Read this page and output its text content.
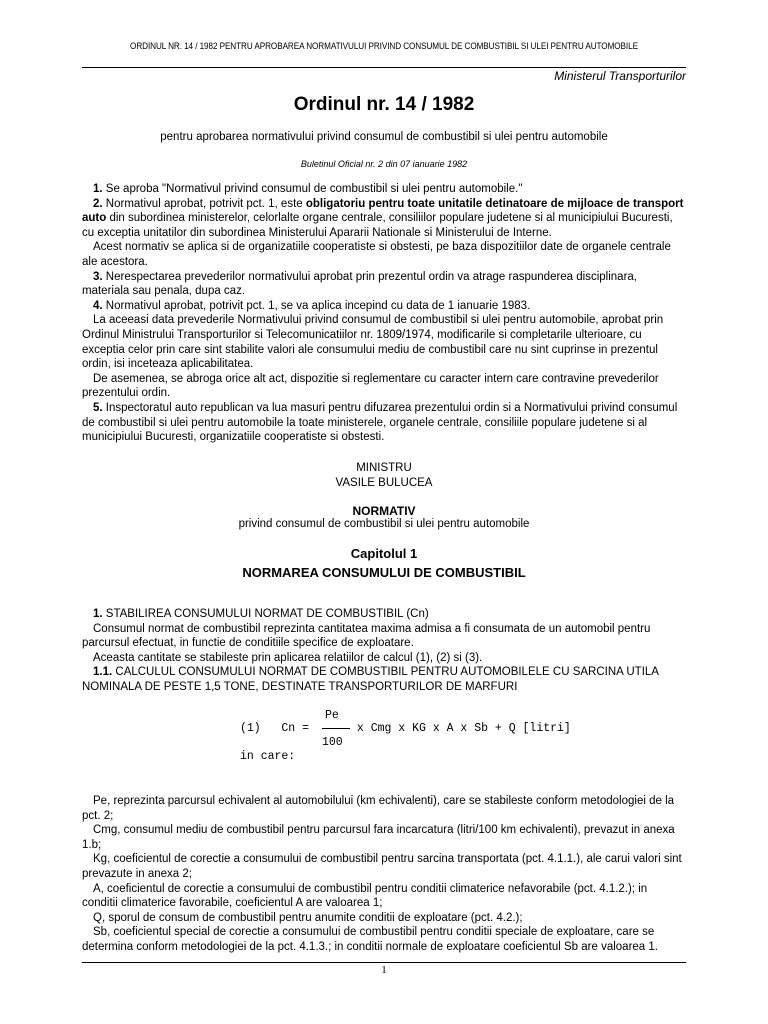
ORDINUL NR. 14 / 1982 PENTRU APROBAREA NORMATIVULUI PRIVIND CONSUMUL DE COMBUSTIBIL SI ULEI PENTRU AUTOMOBILE
Ministerul Transporturilor
Ordinul nr. 14 / 1982
pentru aprobarea normativului privind consumul de combustibil si ulei pentru automobile
Buletinul Oficial nr. 2 din 07 ianuarie 1982

1. Se aproba "Normativul privind consumul de combustibil si ulei pentru automobile."

2. Normativul aprobat, potrivit pct. 1, este obligatoriu pentru toate unitatile detinatoare de mijloace de transport auto din subordinea ministerelor, celorlalte organe centrale, consiliilor populare judetene si al municipiului Bucuresti, cu exceptia unitatilor din subordinea Ministerului Apararii Nationale si Ministerului de Interne.

Acest normativ se aplica si de organizatiile cooperatiste si obstesti, pe baza dispozitiilor date de organele centrale ale acestora.

3. Nerespectarea prevederilor normativului aprobat prin prezentul ordin va atrage raspunderea disciplinara, materiala sau penala, dupa caz.

4. Normativul aprobat, potrivit pct. 1, se va aplica incepind cu data de 1 ianuarie 1983.

La aceeasi data prevederile Normativului privind consumul de combustibil si ulei pentru automobile, aprobat prin Ordinul Ministrului Transporturilor si Telecomunicatiilor nr. 1809/1974, modificarile si completarile ulterioare, cu exceptia celor prin care sint stabilite valori ale consumului mediu de combustibil care nu sint cuprinse in prezentul ordin, isi inceteaza aplicabilitatea.

De asemenea, se abroga orice alt act, dispozitie si reglementare cu caracter intern care contravine prevederilor prezentului ordin.

5. Inspectoratul auto republican va lua masuri pentru difuzarea prezentului ordin si a Normativului privind consumul de combustibil si ulei pentru automobile la toate ministerele, organele centrale, consiliile populare judetene si al municipiului Bucuresti, organizatiile cooperatiste si obstesti.

MINISTRU
VASILE BULUCEA
NORMATIV
privind consumul de combustibil si ulei pentru automobile
Capitolul 1
NORMAREA CONSUMULUI DE COMBUSTIBIL

1. STABILIREA CONSUMULUI NORMAT DE COMBUSTIBIL (Cn)

Consumul normat de combustibil reprezinta cantitatea maxima admisa a fi consumata de un automobil pentru parcursul efectuat, in functie de conditiile specifice de exploatare.

Aceasta cantitate se stabileste prin aplicarea relatiilor de calcul (1), (2) si (3).

1.1. CALCULUL CONSUMULUI NORMAT DE COMBUSTIBIL PENTRU AUTOMOBILELE CU SARCINA UTILA NOMINALA DE PESTE 1,5 TONE, DESTINATE TRANSPORTURILOR DE MARFURI

Pe
(1)   Cn =	x Cmg x KG x A x Sb + Q [litri]
100
in care:

Pe, reprezinta parcursul echivalent al automobilului (km echivalenti), care se stabileste conform metodologiei de la pct. 2;

Cmg, consumul mediu de combustibil pentru parcursul fara incarcatura (litri/100 km echivalenti), prevazut in anexa 1.b;

Kg, coeficientul de corectie a consumului de combustibil pentru sarcina transportata (pct. 4.1.1.), ale carui valori sint prevazute in anexa 2;

A, coeficientul de corectie a consumului de combustibil pentru conditii climaterice nefavorabile (pct. 4.1.2.); in conditii climaterice favorabile, coeficientul A are valoarea 1;

Q, sporul de consum de combustibil pentru anumite conditii de exploatare (pct. 4.2.);

Sb, coeficientul special de corectie a consumului de combustibil pentru conditii speciale de exploatare, care se determina conform metodologiei de la pct. 4.1.3.; in conditii normale de exploatare coeficientul Sb are valoarea 1.

1
